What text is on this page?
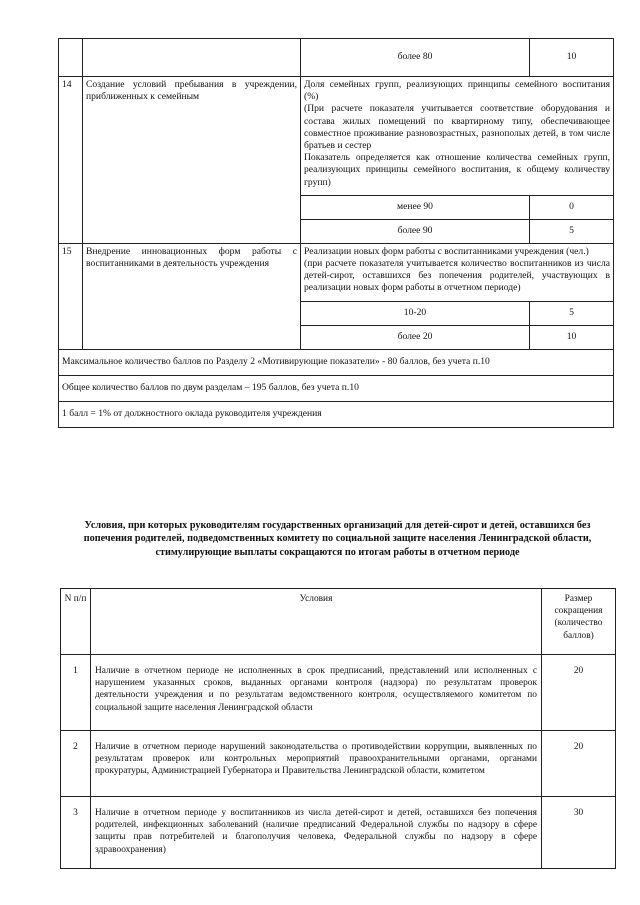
		более 80	10
14	Создание условий пребывания в учреждении, приближенных к семейным	Доля семейных групп, реализующих принципы семейного воспитания (%)
(При расчете показателя учитывается соответствие оборудования и состава жилых помещений по квартирному типу, обеспечивающее совместное проживание разновозрастных, разнополых детей, в том числе братьев и сестер
Показатель определяется как отношение количества семейных групп, реализующих принципы семейного воспитания, к общему количеству групп)	

		менее 90	0
		более 90	5
15	Внедрение инновационных форм работы с воспитанниками в деятельность учреждения	Реализации новых форм работы с воспитанниками учреждения (чел.)
(при расчете показателя учитывается количество воспитанников из числа детей-сирот, оставшихся без попечения родителей, участвующих в реализации новых форм работы в отчетном периоде)	

		10-20	5
		более 20	10
Максимальное количество баллов по Разделу 2 «Мотивирующие показатели» - 80 баллов, без учета п.10			
Общее количество баллов по двум разделам – 195 баллов, без учета п.10			
1 балл = 1% от должностного оклада руководителя учреждения			
Условия, при которых руководителям государственных организаций для детей-сирот и детей, оставшихся без попечения родителей, подведомственных комитету по социальной защите населения Ленинградской области, стимулирующие выплаты сокращаются по итогам работы в отчетном периоде
N п/п	Условия	Размер сокращения (количество баллов)
1	Наличие в отчетном периоде не исполненных в срок предписаний, представлений или исполненных с нарушением указанных сроков, выданных органами контроля (надзора) по результатам проверок деятельности учреждения и по результатам ведомственного контроля, осуществляемого комитетом по социальной защите населения Ленинградской области	20
2	Наличие в отчетном периоде нарушений законодательства о противодействии коррупции, выявленных по результатам проверок или контрольных мероприятий правоохранительными органами, органами прокуратуры, Администрацией Губернатора и Правительства Ленинградской области, комитетом	20
3	Наличие в отчетном периоде у воспитанников из числа детей-сирот и детей, оставшихся без попечения родителей, инфекционных заболеваний (наличие предписаний Федеральной службы по надзору в сфере защиты прав потребителей и благополучия человека, Федеральной службы по надзору в сфере здравоохранения)	30
